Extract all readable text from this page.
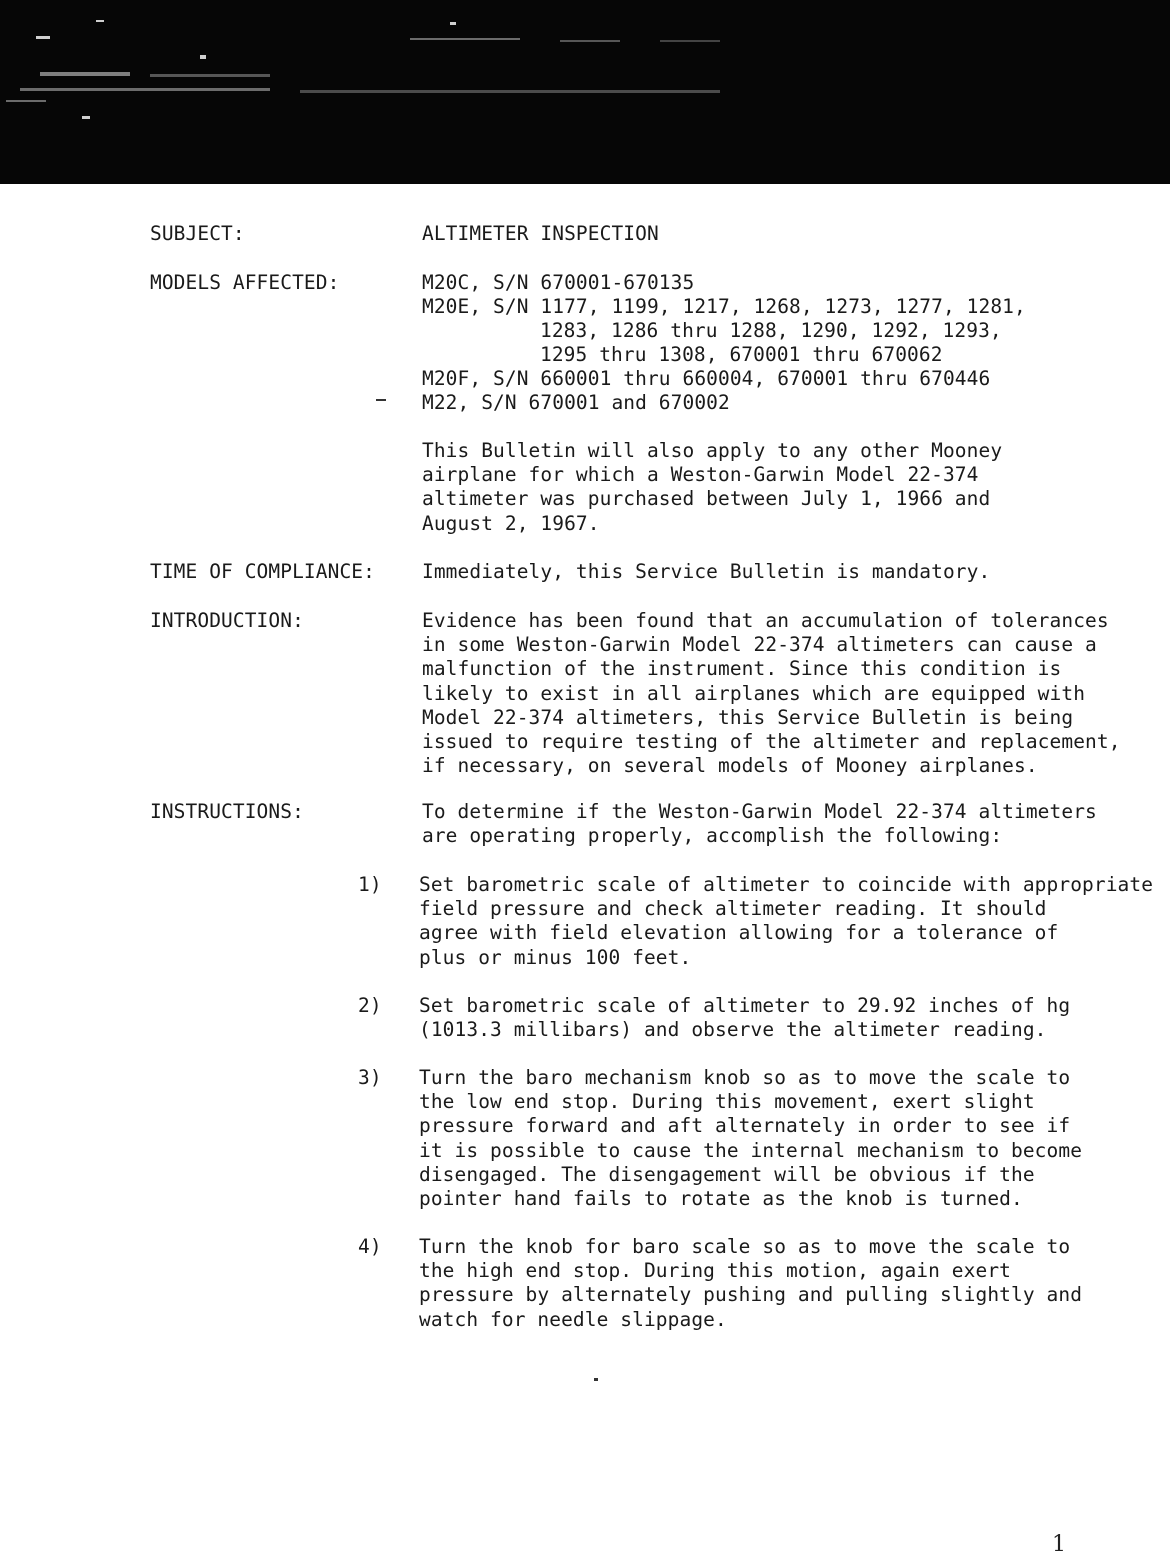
SUBJECT:	ALTIMETER INSPECTION
MODELS AFFECTED:	M20C, S/N 670001-670135
M20E, S/N 1177, 1199, 1217, 1268, 1273, 1277, 1281,
1283, 1286 thru 1288, 1290, 1292, 1293,
1295 thru 1308, 670001 thru 670062
M20F, S/N 660001 thru 660004, 670001 thru 670446
M22, S/N 670001 and 670002
This Bulletin will also apply to any other Mooney
airplane for which a Weston-Garwin Model 22-374
altimeter was purchased between July 1, 1966 and
August 2, 1967.
TIME OF COMPLIANCE: Immediately, this Service Bulletin is mandatory.
INTRODUCTION:	Evidence has been found that an accumulation of tolerances
in some Weston-Garwin Model 22-374 altimeters can cause a
malfunction of the instrument. Since this condition is
likely to exist in all airplanes which are equipped with
Model 22-374 altimeters, this Service Bulletin is being
issued to require testing of the altimeter and replacement,
if necessary, on several models of Mooney airplanes.
INSTRUCTIONS:	To determine if the Weston-Garwin Model 22-374 altimeters
are operating properly, accomplish the following:
1) Set barometric scale of altimeter to coincide with appropriate
field pressure and check altimeter reading. It should
agree with field elevation allowing for a tolerance of
plus or minus 100 feet.
2) Set barometric scale of altimeter to 29.92 inches of hg
(1013.3 millibars) and observe the altimeter reading.
3) Turn the baro mechanism knob so as to move the scale to
the low end stop. During this movement, exert slight
pressure forward and aft alternately in order to see if
it is possible to cause the internal mechanism to become
disengaged. The disengagement will be obvious if the
pointer hand fails to rotate as the knob is turned.
4) Turn the knob for baro scale so as to move the scale to
the high end stop. During this motion, again exert
pressure by alternately pushing and pulling slightly and
watch for needle slippage.
1
